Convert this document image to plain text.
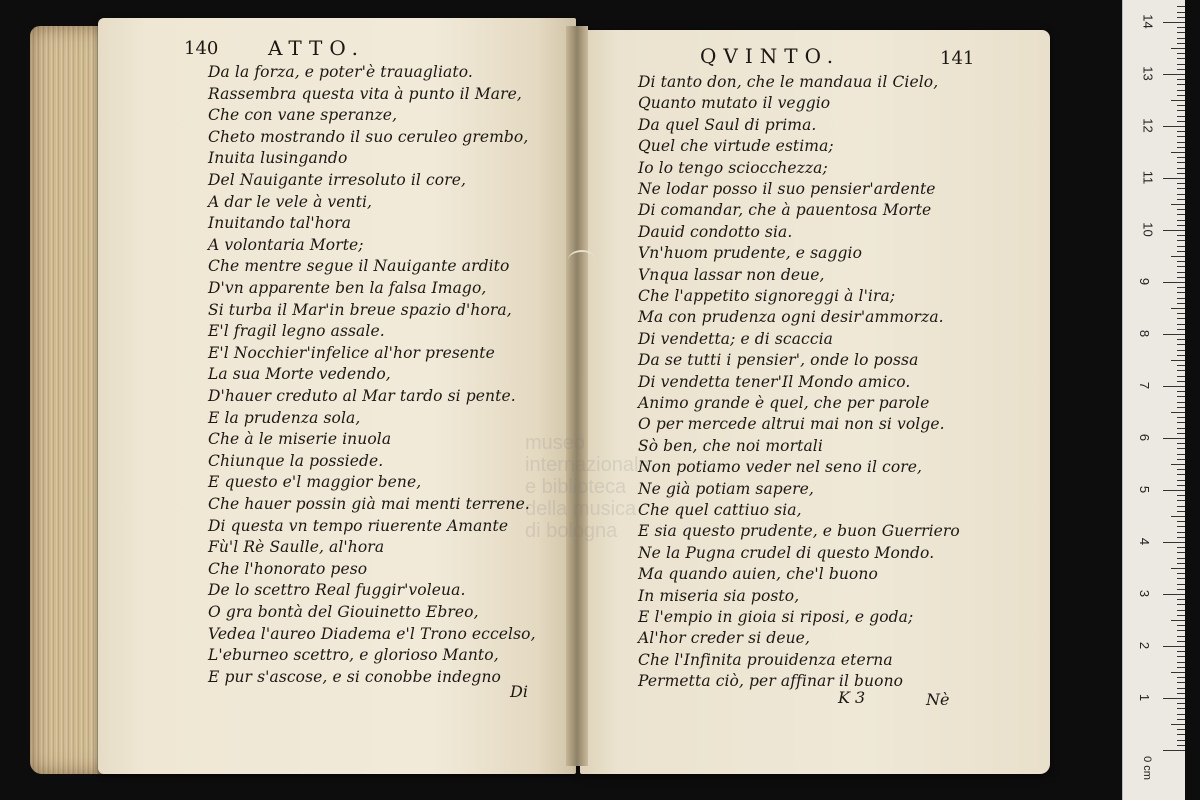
museo internazionale e biblioteca della musica di bologna
140 ATTO.
Da la forza, e poter'è trauagliato.
Rassembra questa vita à punto il Mare,
Che con vane speranze,
Cheto mostrando il suo ceruleo grembo,
Inuita lusingando
Del Nauigante irresoluto il core,
A dar le vele à venti,
Inuitando tal'hora
A volontaria Morte;
Che mentre segue il Nauigante ardito
D'vn apparente ben la falsa Imago,
Si turba il Mar'in breue spazio d'hora,
E'l fragil legno assale.
E'l Nocchier'infelice al'hor presente
La sua Morte vedendo,
D'hauer creduto al Mar tardo si pente.
E la prudenza sola,
Che à le miserie inuola
Chiunque la possiede.
E questo e'l maggior bene,
Che hauer possin già mai menti terrene.
Di questa vn tempo riuerente Amante
Fù'l Rè Saulle, al'hora
Che l'honorato peso
De lo scettro Real fuggir'voleua.
O gra bontà del Giouinetto Ebreo,
Vedea l'aureo Diadema e'l Trono eccelso,
L'eburneo scettro, e glorioso Manto,
E pur s'ascose, e si conobbe indegno
Di
QVINTO.	141
Di tanto don, che le mandaua il Cielo,
Quanto mutato il veggio
Da quel Saul di prima.
Quel che virtude estima;
Io lo tengo sciocchezza;
Ne lodar posso il suo pensier'ardente
Di comandar, che à pauentosa Morte
Dauid condotto sia.
Vn'huom prudente, e saggio
Vnqua lassar non deue,
Che l'appetito signoreggi à l'ira;
Ma con prudenza ogni desir'ammorza.
Di vendetta; e di scaccia
Da se tutti i pensier', onde lo possa
Di vendetta tener'Il Mondo amico.
Animo grande è quel, che per parole
O per mercede altrui mai non si volge.
Sò ben, che noi mortali
Non potiamo veder nel seno il core,
Ne già potiam sapere,
Che quel cattiuo sia,
E sia questo prudente, e buon Guerriero
Ne la Pugna crudel di questo Mondo.
Ma quando auien, che'l buono
In miseria sia posto,
E l'empio in gioia si riposi, e goda;
Al'hor creder si deue,
Che l'Infinita prouidenza eterna
Permetta ciò, per affinar il buono
K 3	Nè	1
2
3
4
5
6
7
8
9
10
11
12
13
14
0 cm
